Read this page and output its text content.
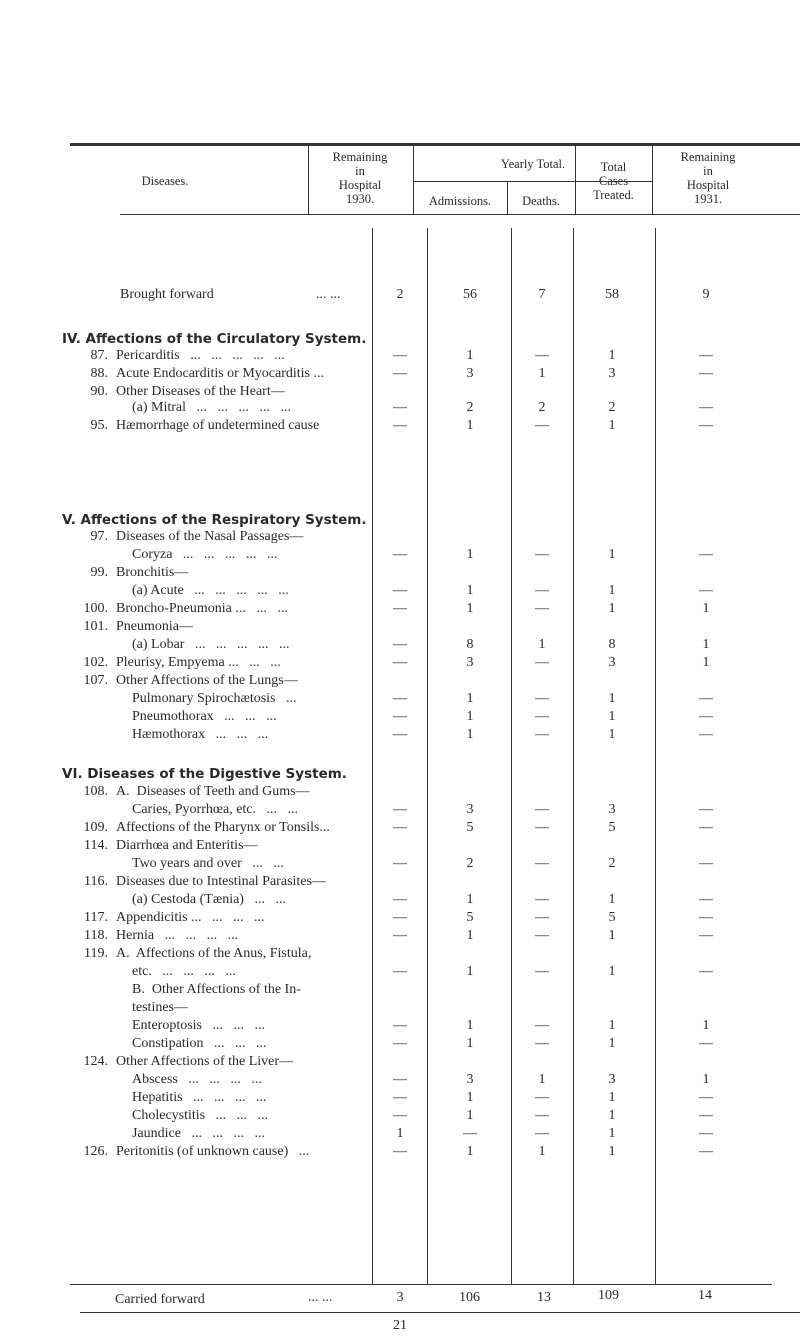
Diseases.
Remaining
in
Hospital
1930.
Yearly Total.
Admissions.	Deaths.
Total
Cases
Treated.
Remaining
in
Hospital
1931.
Brought forward	... ...	2	56	7	58	9
IV. Affections of the Circulatory System.
V. Affections of the Respiratory System.
VI. Diseases of the Digestive System.
87. Pericarditis   ...   ...   ...   ...   ...	—	1	—	1	—
88. Acute Endocarditis or Myocarditis ...	—	3	1	3	—
90. Other Diseases of the Heart—
(a) Mitral   ...   ...   ...   ...   ...	—	2	2	2	—
95. Hæmorrhage of undetermined cause	—	1	—	1	—
97. Diseases of the Nasal Passages—
Coryza   ...   ...   ...   ...   ...	—	1	—	1	—
99. Bronchitis—
(a) Acute   ...   ...   ...   ...   ...	—	1	—	1	—
100. Broncho-Pneumonia ...   ...   ...	—	1	—	1	1
101. Pneumonia—
(a) Lobar   ...   ...   ...   ...   ...	—	8	1	8	1
102. Pleurisy, Empyema ...   ...   ...	—	3	—	3	1
107. Other Affections of the Lungs—
Pulmonary Spirochætosis   ...	—	1	—	1	—
Pneumothorax   ...   ...   ...	—	1	—	1	—
Hæmothorax   ...   ...   ...	—	1	—	1	—
108. A.  Diseases of Teeth and Gums—
Caries, Pyorrhœa, etc.   ...   ...	—	3	—	3	—
109. Affections of the Pharynx or Tonsils...	—	5	—	5	—
114. Diarrhœa and Enteritis—
Two years and over   ...   ...	—	2	—	2	—
116. Diseases due to Intestinal Parasites—
(a) Cestoda (Tænia)   ...   ...	—	1	—	1	—
117. Appendicitis ...   ...   ...   ...	—	5	—	5	—
118. Hernia   ...   ...   ...   ...	—	1	—	1	—
119. A.  Affections of the Anus, Fistula,
etc.   ...   ...   ...   ...	—	1	—	1	—
B.  Other Affections of the In-
testines—
Enteroptosis   ...   ...   ...	—	1	—	1	1
Constipation   ...   ...   ...	—	1	—	1	—
124. Other Affections of the Liver—
Abscess   ...   ...   ...   ...	—	3	1	3	1
Hepatitis   ...   ...   ...   ...	—	1	—	1	—
Cholecystitis   ...   ...   ...	—	1	—	1	—
Jaundice   ...   ...   ...   ...	1	—	—	1	—
126. Peritonitis (of unknown cause)   ...	—	1	1	1	—
Carried forward	... ...	3	106	13	109	14
21
